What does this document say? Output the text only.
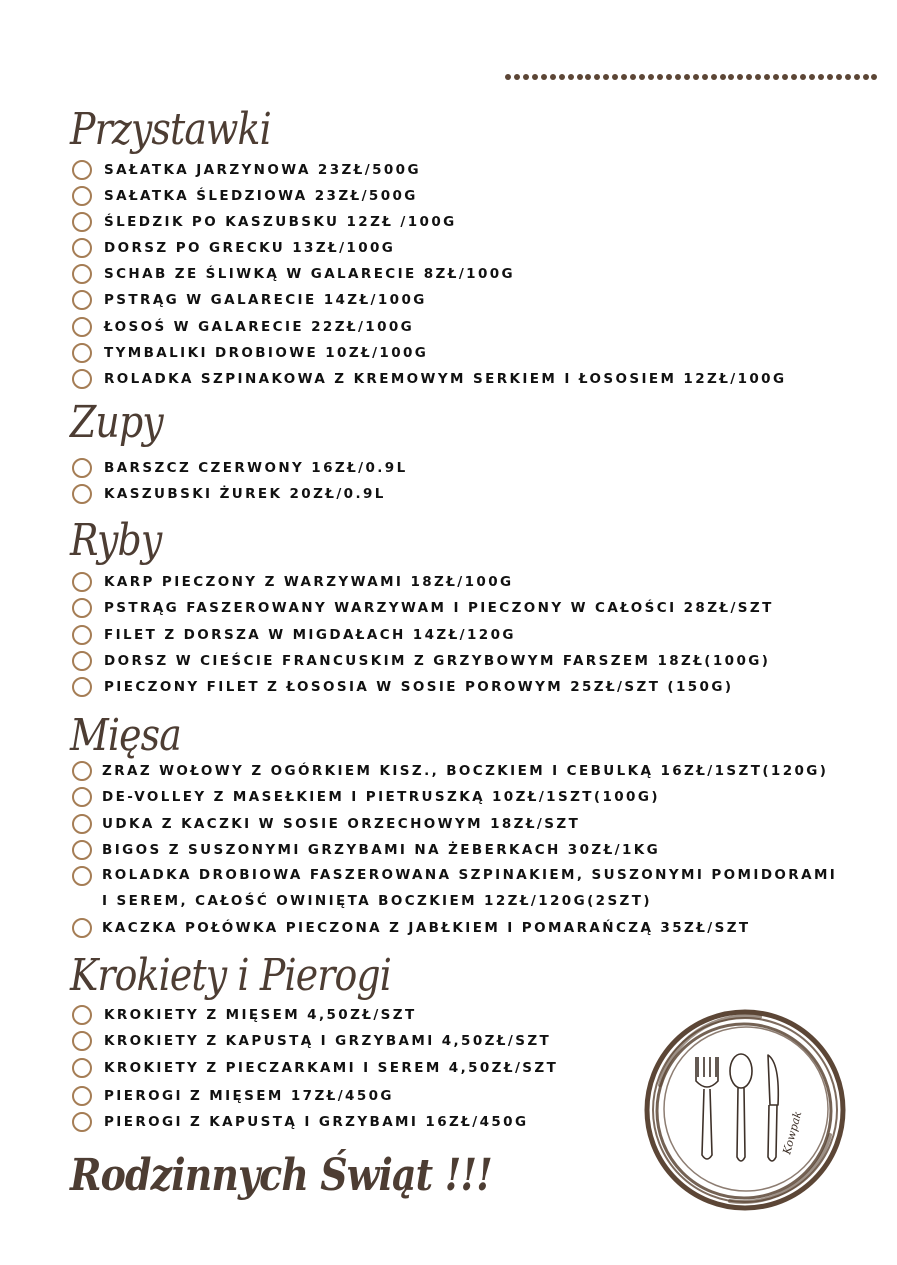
Przystawki
SAŁATKA JARZYNOWA 23ZŁ/500G
SAŁATKA ŚLEDZIOWA 23ZŁ/500G
ŚLEDZIK PO KASZUBSKU 12ZŁ /100G
DORSZ PO GRECKU 13ZŁ/100G
SCHAB ZE ŚLIWKĄ W GALARECIE 8ZŁ/100G
PSTRĄG W GALARECIE 14ZŁ/100G
ŁOSOŚ W GALARECIE 22ZŁ/100G
TYMBALIKI DROBIOWE 10ZŁ/100G
ROLADKA SZPINAKOWA Z KREMOWYM SERKIEM I ŁOSOSIEM 12ZŁ/100G
Zupy
BARSZCZ CZERWONY 16ZŁ/0.9L
KASZUBSKI ŻUREK 20ZŁ/0.9L
Ryby
KARP PIECZONY Z WARZYWAMI 18ZŁ/100G
PSTRĄG FASZEROWANY WARZYWAM I PIECZONY W CAŁOŚCI 28ZŁ/SZT
FILET Z DORSZA W MIGDAŁACH 14ZŁ/120G
DORSZ W CIEŚCIE FRANCUSKIM Z GRZYBOWYM FARSZEM 18ZŁ(100G)
PIECZONY FILET Z ŁOSOSIA W SOSIE POROWYM 25ZŁ/SZT (150G)
Mięsa
ZRAZ WOŁOWY Z OGÓRKIEM KISZ., BOCZKIEM I CEBULKĄ 16ZŁ/1SZT(120G)
DE-VOLLEY Z MASEŁKIEM I PIETRUSZKĄ 10ZŁ/1SZT(100G)
UDKA Z KACZKI W SOSIE ORZECHOWYM 18ZŁ/SZT
BIGOS Z SUSZONYMI GRZYBAMI NA ŻEBERKACH 30ZŁ/1KG
ROLADKA DROBIOWA FASZEROWANA SZPINAKIEM, SUSZONYMI POMIDORAMI I SEREM, CAŁOŚĆ OWINIĘTA BOCZKIEM 12ZŁ/120G(2SZT)
KACZKA POŁÓWKA PIECZONA Z JABŁKIEM I POMARAŃCZĄ 35ZŁ/SZT
Krokiety i Pierogi
KROKIETY Z MIĘSEM 4,50ZŁ/SZT
KROKIETY Z KAPUSTĄ I GRZYBAMI 4,50ZŁ/SZT
KROKIETY Z PIECZARKAMI I SEREM 4,50ZŁ/SZT
PIEROGI Z MIĘSEM 17ZŁ/450G
PIEROGI Z KAPUSTĄ I GRZYBAMI 16ZŁ/450G
Rodzinnych Świąt !!!
Kowpak
